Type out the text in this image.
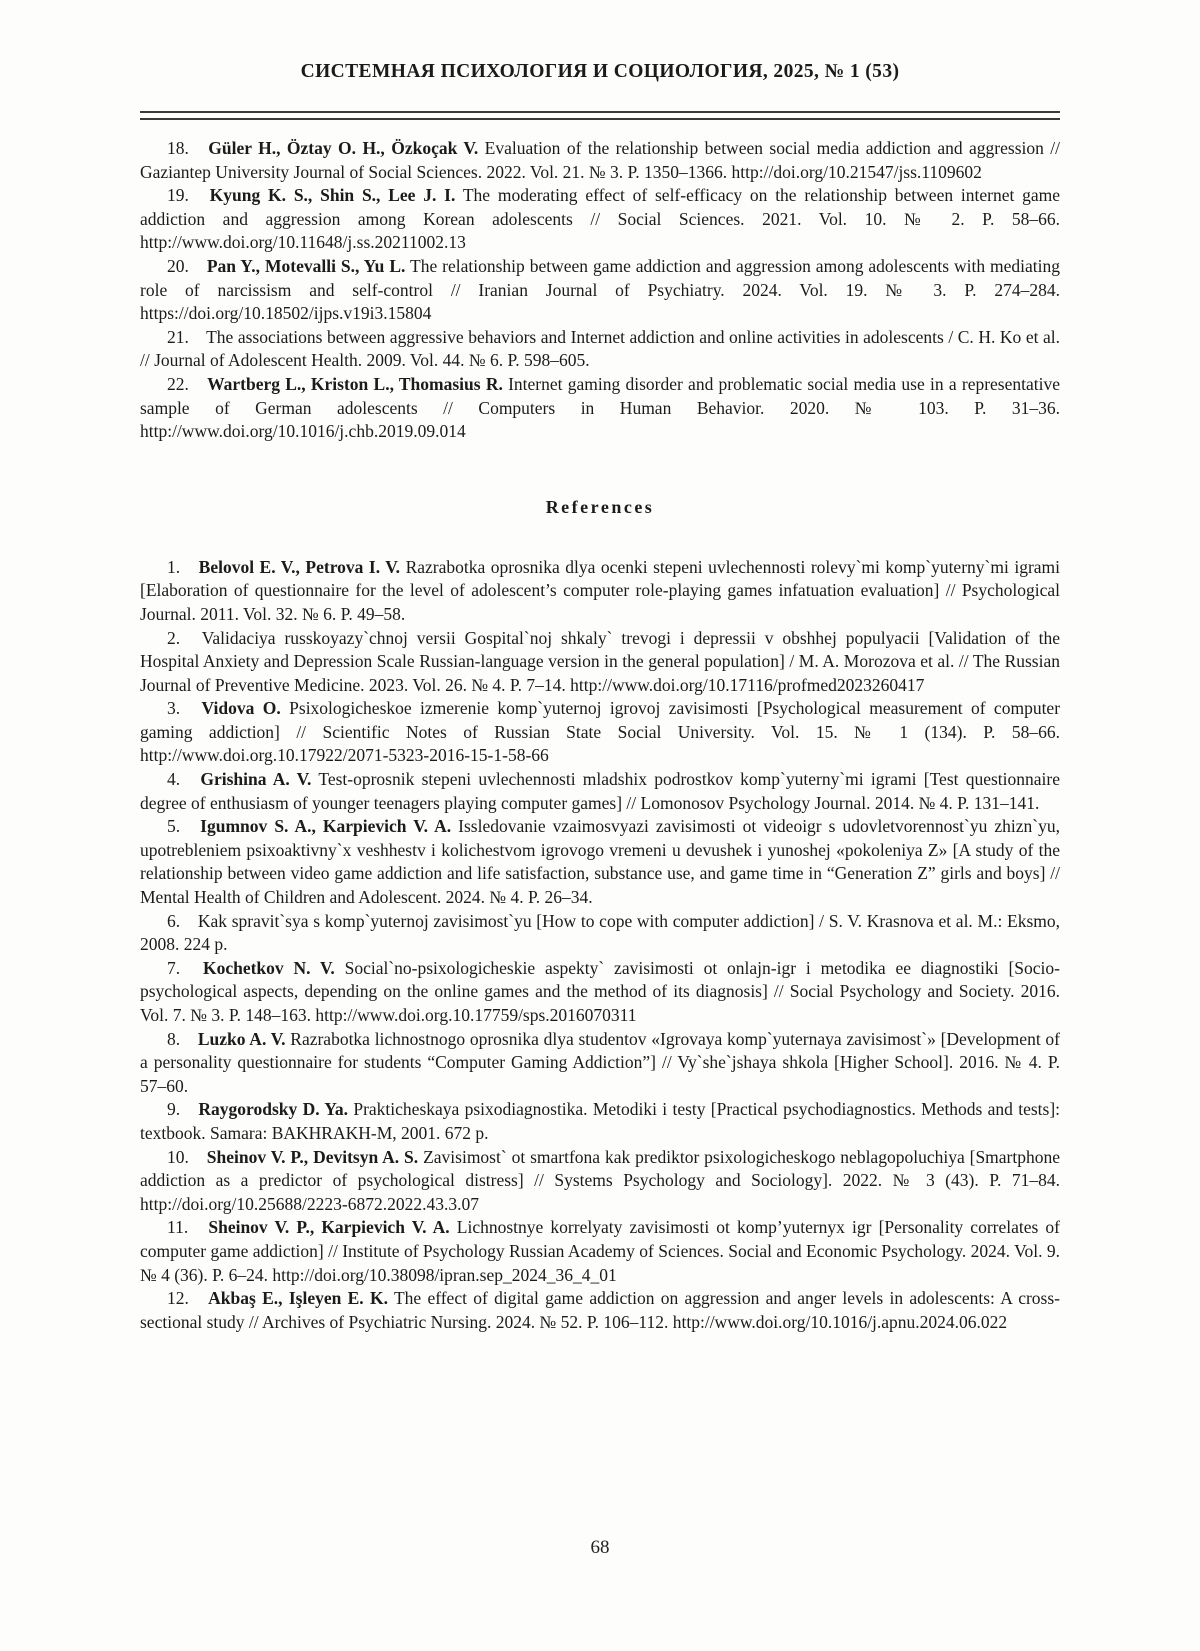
СИСТЕМНАЯ ПСИХОЛОГИЯ И СОЦИОЛОГИЯ, 2025, № 1 (53)

18. Güler H., Öztay O. H., Özkoçak V. Evaluation of the relationship between social media addiction and aggression // Gaziantep University Journal of Social Sciences. 2022. Vol. 21. № 3. P. 1350–1366. http://doi.org/10.21547/jss.1109602

19. Kyung K. S., Shin S., Lee J. I. The moderating effect of self-efficacy on the relationship between internet game addiction and aggression among Korean adolescents // Social Sciences. 2021. Vol. 10. № 2. P. 58–66. http://www.doi.org/10.11648/j.ss.20211002.13

20. Pan Y., Motevalli S., Yu L. The relationship between game addiction and aggression among adolescents with mediating role of narcissism and self-control // Iranian Journal of Psychiatry. 2024. Vol. 19. № 3. P. 274–284. https://doi.org/10.18502/ijps.v19i3.15804

21. The associations between aggressive behaviors and Internet addiction and online activities in adolescents / C. H. Ko et al. // Journal of Adolescent Health. 2009. Vol. 44. № 6. P. 598–605.

22. Wartberg L., Kriston L., Thomasius R. Internet gaming disorder and problematic social media use in a representative sample of German adolescents // Computers in Human Behavior. 2020. № 103. P. 31–36. http://www.doi.org/10.1016/j.chb.2019.09.014

References

1. Belovol E. V., Petrova I. V. Razrabotka oprosnika dlya ocenki stepeni uvlechennosti rolevy`mi komp`yuterny`mi igrami [Elaboration of questionnaire for the level of adolescent’s computer role-playing games infatuation evaluation] // Psychological Journal. 2011. Vol. 32. № 6. P. 49–58.

2. Validaciya russkoyazy`chnoj versii Gospital`noj shkaly` trevogi i depressii v obshhej populyacii [Validation of the Hospital Anxiety and Depression Scale Russian-language version in the general population] / M. A. Morozova et al. // The Russian Journal of Preventive Medicine. 2023. Vol. 26. № 4. P. 7–14. http://www.doi.org/10.17116/profmed2023260417

3. Vidova O. Psixologicheskoe izmerenie komp`yuternoj igrovoj zavisimosti [Psychological measurement of computer gaming addiction] // Scientific Notes of Russian State Social University. Vol. 15. № 1 (134). P. 58–66. http://www.doi.org.10.17922/2071-5323-2016-15-1-58-66

4. Grishina A. V. Test-oprosnik stepeni uvlechennosti mladshix podrostkov komp`yuterny`mi igrami [Test questionnaire degree of enthusiasm of younger teenagers playing computer games] // Lomonosov Psychology Journal. 2014. № 4. P. 131–141.

5. Igumnov S. A., Karpievich V. A. Issledovanie vzaimosvyazi zavisimosti ot videoigr s udovletvorennost`yu zhizn`yu, upotrebleniem psixoaktivny`x veshhestv i kolichestvom igrovogo vremeni u devushek i yunoshej «pokoleniya Z» [A study of the relationship between video game addiction and life satisfaction, substance use, and game time in “Generation Z” girls and boys] // Mental Health of Children and Adolescent. 2024. № 4. P. 26–34.

6. Kak spravit`sya s komp`yuternoj zavisimost`yu [How to cope with computer addiction] / S. V. Krasnova et al. M.: Eksmo, 2008. 224 p.

7. Kochetkov N. V. Social`no-psixologicheskie aspekty` zavisimosti ot onlajn-igr i metodika ee diagnostiki [Socio-psychological aspects, depending on the online games and the method of its diagnosis] // Social Psychology and Society. 2016. Vol. 7. № 3. P. 148–163. http://www.doi.org.10.17759/sps.2016070311

8. Luzko A. V. Razrabotka lichnostnogo oprosnika dlya studentov «Igrovaya komp`yuternaya zavisimost`» [Development of a personality questionnaire for students “Computer Gaming Addiction”] // Vy`she`jshaya shkola [Higher School]. 2016. № 4. P. 57–60.

9. Raygorodsky D. Ya. Prakticheskaya psixodiagnostika. Metodiki i testy [Practical psychodiagnostics. Methods and tests]: textbook. Samara: BAKHRAKH-M, 2001. 672 p.

10. Sheinov V. P., Devitsyn A. S. Zavisimost` ot smartfona kak prediktor psixologicheskogo neblagopoluchiya [Smartphone addiction as a predictor of psychological distress] // Systems Psychology and Sociology]. 2022. № 3 (43). P. 71–84. http://doi.org/10.25688/2223-6872.2022.43.3.07

11. Sheinov V. P., Karpievich V. A. Lichnostnye korrelyaty zavisimosti ot komp’yuternyx igr [Personality correlates of computer game addiction] // Institute of Psychology Russian Academy of Sciences. Social and Economic Psychology. 2024. Vol. 9. № 4 (36). P. 6–24. http://doi.org/10.38098/ipran.sep_2024_36_4_01

12. Akbaş E., Işleyen E. K. The effect of digital game addiction on aggression and anger levels in adolescents: A cross-sectional study // Archives of Psychiatric Nursing. 2024. № 52. P. 106–112. http://www.doi.org/10.1016/j.apnu.2024.06.022

68
